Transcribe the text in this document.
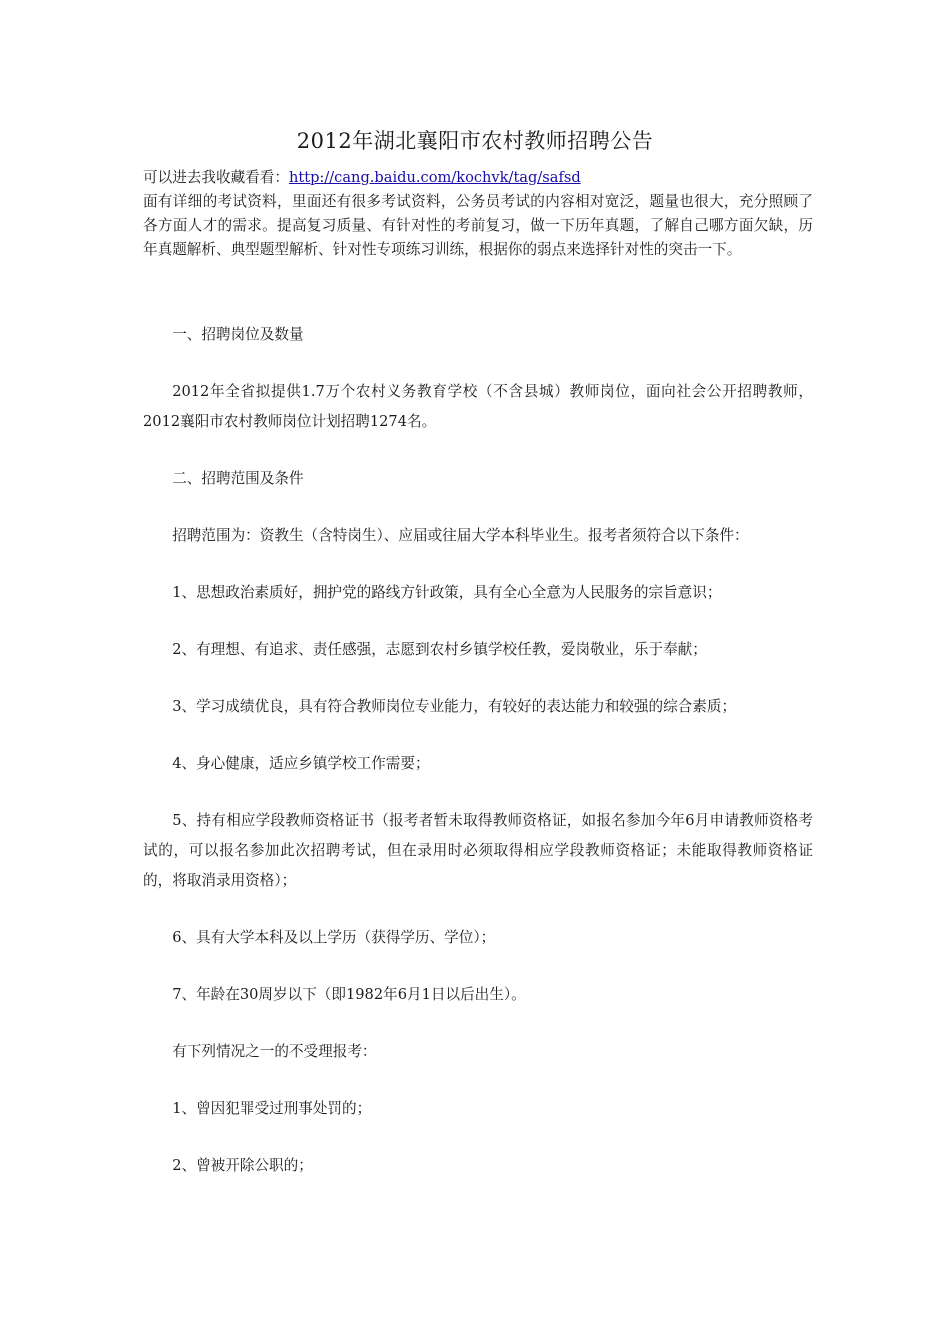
2012年湖北襄阳市农村教师招聘公告
可以进去我收藏看看：http://cang.baidu.com/kochvk/tag/safsd
面有详细的考试资料，里面还有很多考试资料，公务员考试的内容相对宽泛，题量也很大，充分照顾了各方面人才的需求。提高复习质量、有针对性的考前复习，做一下历年真题，了解自己哪方面欠缺，历年真题解析、典型题型解析、针对性专项练习训练，根据你的弱点来选择针对性的突击一下。

一、招聘岗位及数量

2012年全省拟提供1.7万个农村义务教育学校（不含县城）教师岗位，面向社会公开招聘教师，2012襄阳市农村教师岗位计划招聘1274名。

二、招聘范围及条件

招聘范围为：资教生（含特岗生）、应届或往届大学本科毕业生。报考者须符合以下条件：

1、思想政治素质好，拥护党的路线方针政策，具有全心全意为人民服务的宗旨意识；

2、有理想、有追求、责任感强，志愿到农村乡镇学校任教，爱岗敬业，乐于奉献；

3、学习成绩优良，具有符合教师岗位专业能力，有较好的表达能力和较强的综合素质；

4、身心健康，适应乡镇学校工作需要；

5、持有相应学段教师资格证书（报考者暂未取得教师资格证，如报名参加今年6月申请教师资格考试的，可以报名参加此次招聘考试，但在录用时必须取得相应学段教师资格证；未能取得教师资格证的，将取消录用资格）；

6、具有大学本科及以上学历（获得学历、学位）；

7、年龄在30周岁以下（即1982年6月1日以后出生）。

有下列情况之一的不受理报考：

1、曾因犯罪受过刑事处罚的；

2、曾被开除公职的；
